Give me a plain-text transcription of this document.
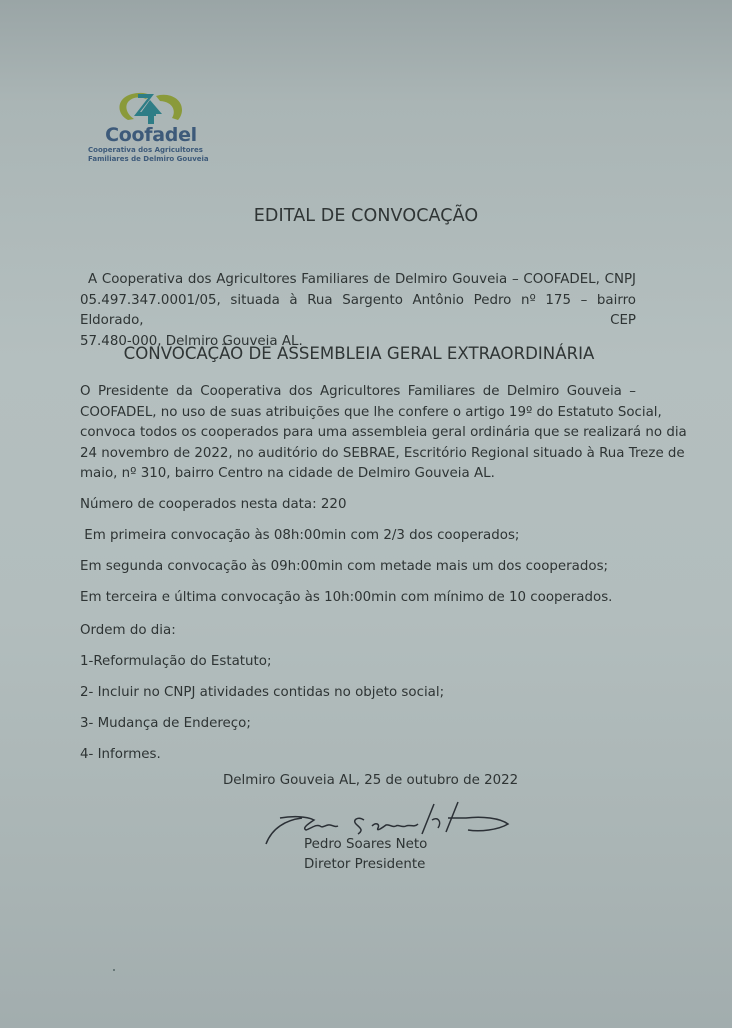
Coofadel
Cooperativa dos Agricultores
Familiares de Delmiro Gouveia
EDITAL DE CONVOCAÇÃO
A Cooperativa dos Agricultores Familiares de Delmiro Gouveia – COOFADEL, CNPJ
05.497.347.0001/05, situada à Rua Sargento Antônio Pedro nº 175 – bairro Eldorado, CEP
57.480-000, Delmiro Gouveia AL.
CONVOCAÇÃO DE ASSEMBLEIA GERAL EXTRAORDINÁRIA
O Presidente da Cooperativa dos Agricultores Familiares de Delmiro Gouveia –
COOFADEL, no uso de suas atribuições que lhe confere o artigo 19º do Estatuto Social,
convoca todos os cooperados para uma assembleia geral ordinária que se realizará no dia
24 novembro de 2022, no auditório do SEBRAE, Escritório Regional situado à Rua Treze de
maio, nº 310, bairro Centro na cidade de Delmiro Gouveia AL.
Número de cooperados nesta data: 220
Em primeira convocação às 08h:00min com 2/3 dos cooperados;
Em segunda convocação às 09h:00min com metade mais um dos cooperados;
Em terceira e última convocação às 10h:00min com mínimo de 10 cooperados.
Ordem do dia:
1-Reformulação do Estatuto;
2- Incluir no CNPJ atividades contidas no objeto social;
3- Mudança de Endereço;
4- Informes.
Delmiro Gouveia AL, 25 de outubro de 2022
Pedro Soares Neto
Diretor Presidente
